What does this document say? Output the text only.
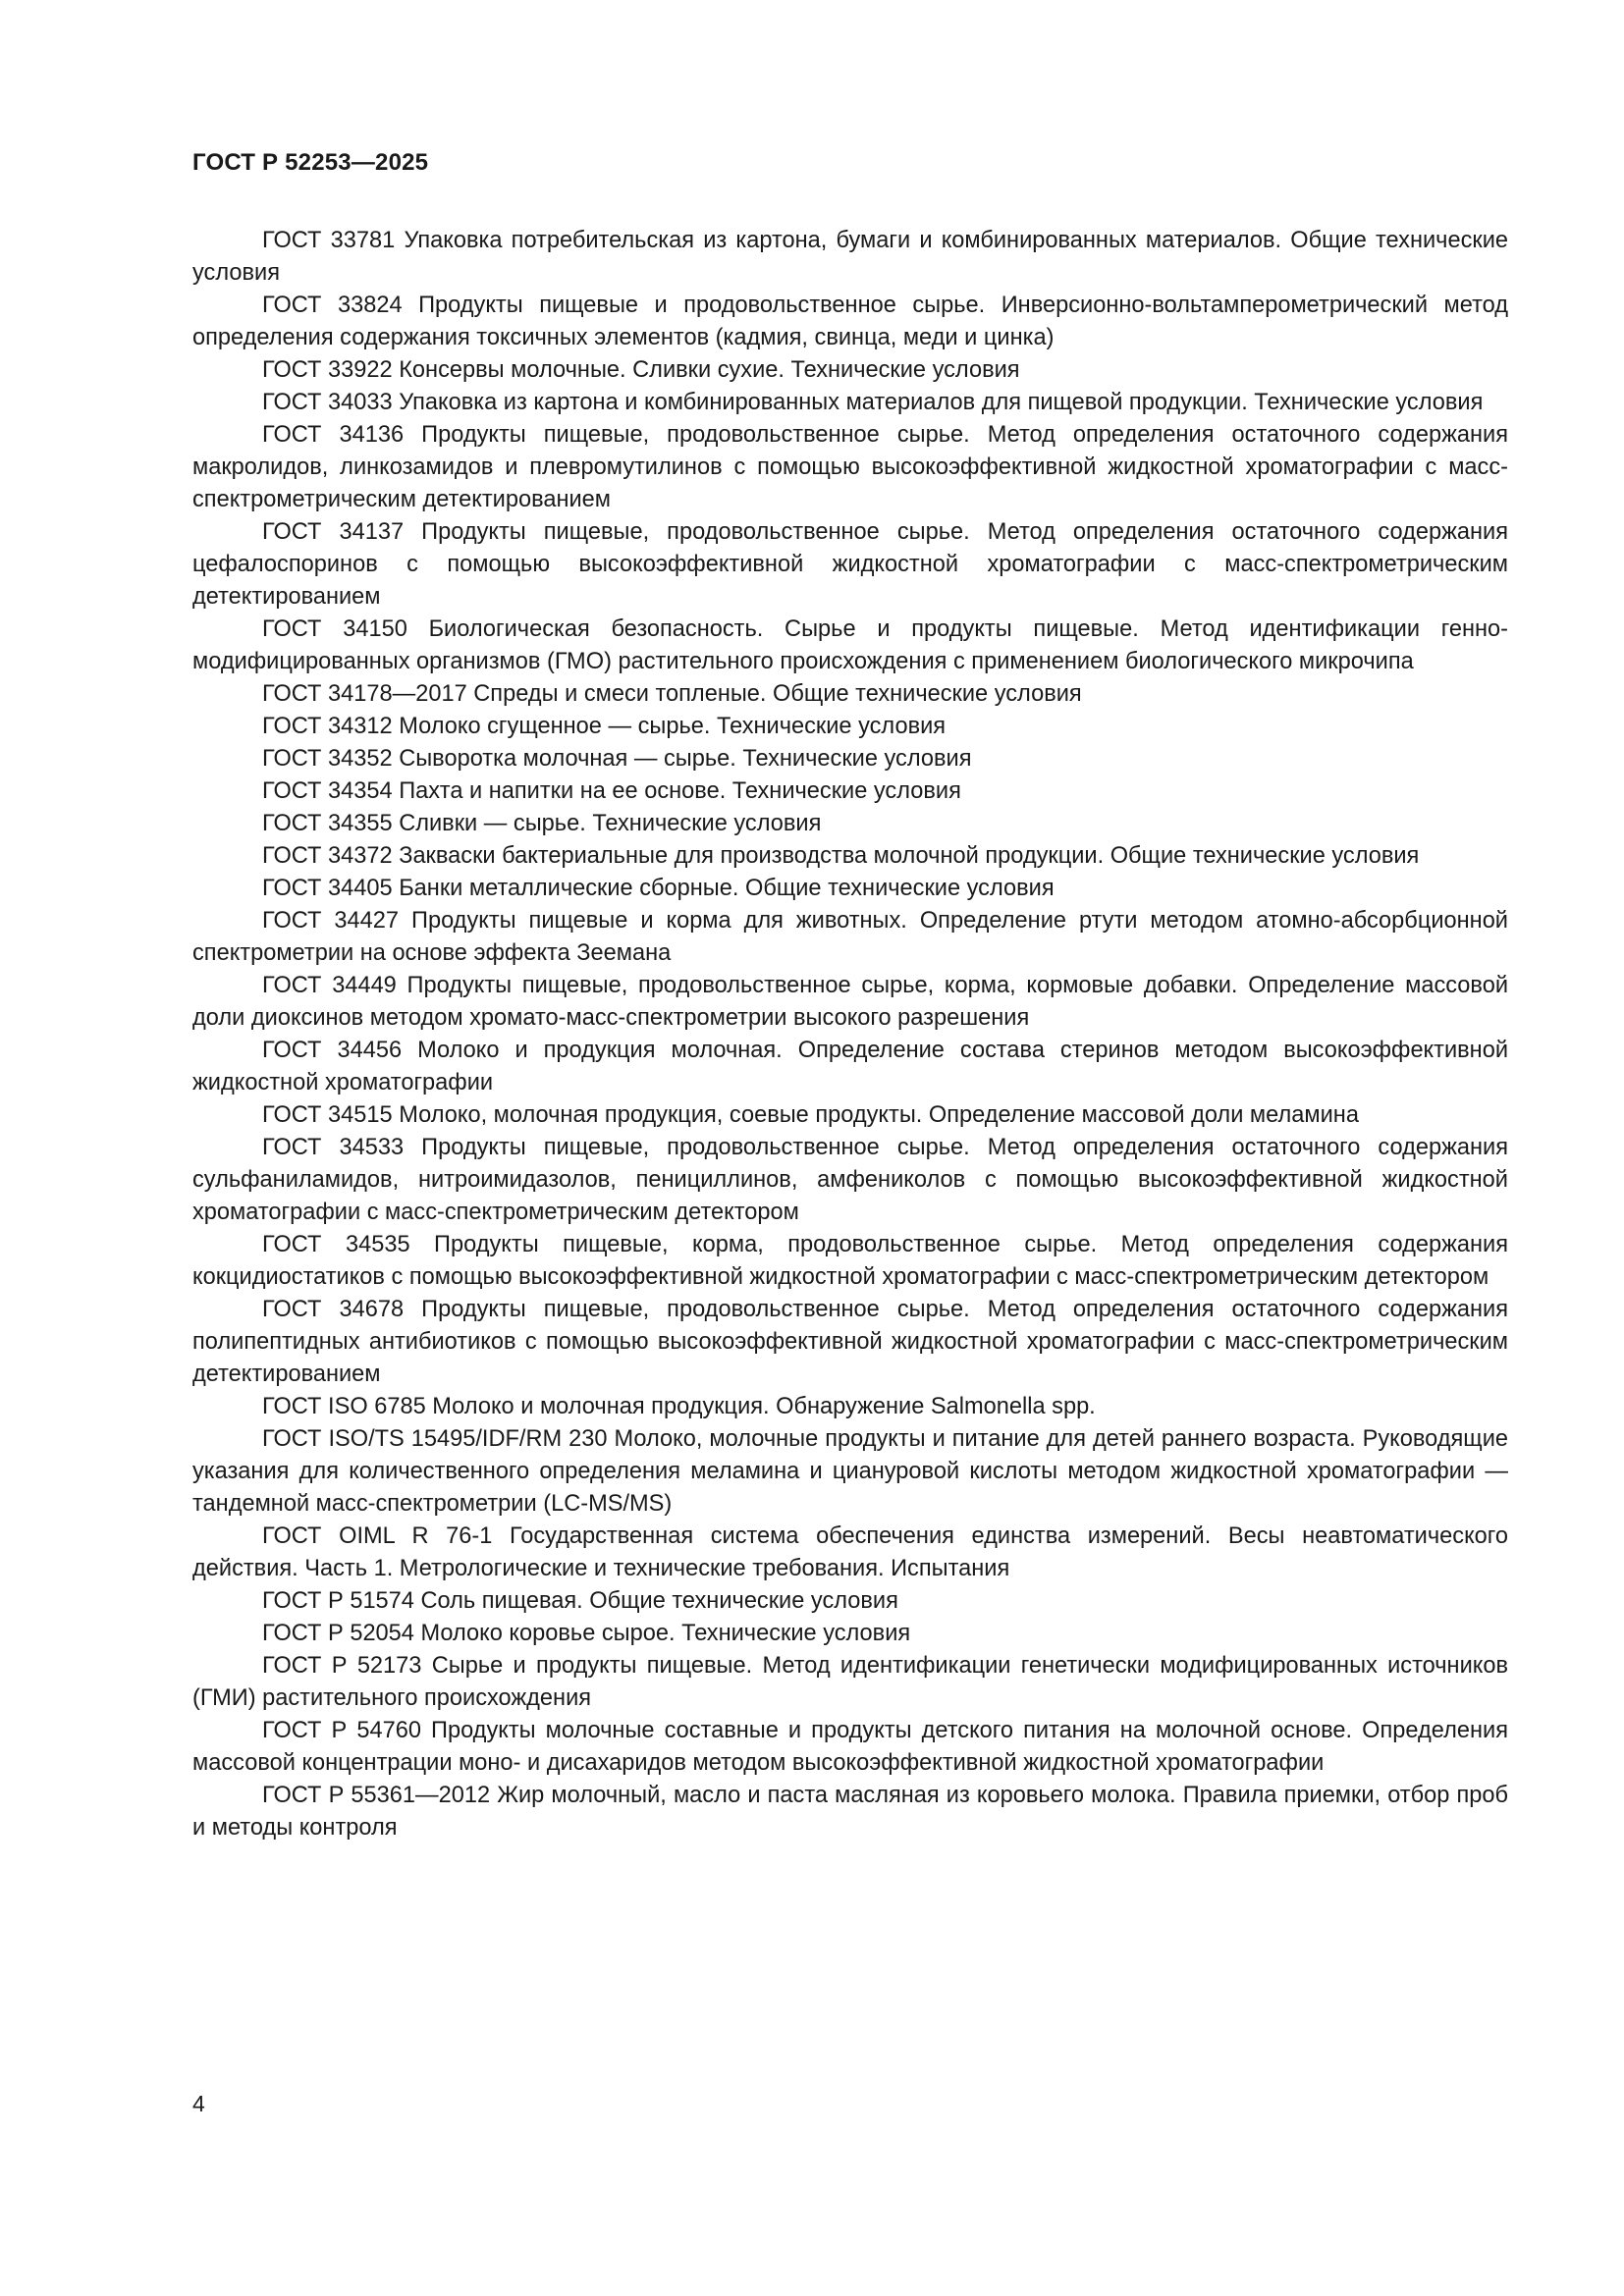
ГОСТ Р 52253—2025

ГОСТ 33781 Упаковка потребительская из картона, бумаги и комбинированных материалов. Общие технические условия

ГОСТ 33824 Продукты пищевые и продовольственное сырье. Инверсионно-вольтамперометрический метод определения содержания токсичных элементов (кадмия, свинца, меди и цинка)

ГОСТ 33922 Консервы молочные. Сливки сухие. Технические условия

ГОСТ 34033 Упаковка из картона и комбинированных материалов для пищевой продукции. Технические условия

ГОСТ 34136 Продукты пищевые, продовольственное сырье. Метод определения остаточного содержания макролидов, линкозамидов и плевромутилинов с помощью высокоэффективной жидкостной хроматографии с масс-спектрометрическим детектированием

ГОСТ 34137 Продукты пищевые, продовольственное сырье. Метод определения остаточного содержания цефалоспоринов с помощью высокоэффективной жидкостной хроматографии с масс-спектрометрическим детектированием

ГОСТ 34150 Биологическая безопасность. Сырье и продукты пищевые. Метод идентификации генно-модифицированных организмов (ГМО) растительного происхождения с применением биологического микрочипа

ГОСТ 34178—2017 Спреды и смеси топленые. Общие технические условия

ГОСТ 34312 Молоко сгущенное — сырье. Технические условия

ГОСТ 34352 Сыворотка молочная — сырье. Технические условия

ГОСТ 34354 Пахта и напитки на ее основе. Технические условия

ГОСТ 34355 Сливки — сырье. Технические условия

ГОСТ 34372 Закваски бактериальные для производства молочной продукции. Общие технические условия

ГОСТ 34405 Банки металлические сборные. Общие технические условия

ГОСТ 34427 Продукты пищевые и корма для животных. Определение ртути методом атомно-абсорбционной спектрометрии на основе эффекта Зеемана

ГОСТ 34449 Продукты пищевые, продовольственное сырье, корма, кормовые добавки. Определение массовой доли диоксинов методом хромато-масс-спектрометрии высокого разрешения

ГОСТ 34456 Молоко и продукция молочная. Определение состава стеринов методом высокоэффективной жидкостной хроматографии

ГОСТ 34515 Молоко, молочная продукция, соевые продукты. Определение массовой доли меламина

ГОСТ 34533 Продукты пищевые, продовольственное сырье. Метод определения остаточного содержания сульфаниламидов, нитроимидазолов, пенициллинов, амфениколов с помощью высокоэффективной жидкостной хроматографии с масс-спектрометрическим детектором

ГОСТ 34535 Продукты пищевые, корма, продовольственное сырье. Метод определения содержания кокцидиостатиков с помощью высокоэффективной жидкостной хроматографии с масс-спектрометрическим детектором

ГОСТ 34678 Продукты пищевые, продовольственное сырье. Метод определения остаточного содержания полипептидных антибиотиков с помощью высокоэффективной жидкостной хроматографии с масс-спектрометрическим детектированием

ГОСТ ISO 6785 Молоко и молочная продукция. Обнаружение Salmonella spp.

ГОСТ ISO/TS 15495/IDF/RM 230 Молоко, молочные продукты и питание для детей раннего возраста. Руководящие указания для количественного определения меламина и циануровой кислоты методом жидкостной хроматографии — тандемной масс-спектрометрии (LC-MS/MS)

ГОСТ OIML R 76-1 Государственная система обеспечения единства измерений. Весы неавтоматического действия. Часть 1. Метрологические и технические требования. Испытания

ГОСТ Р 51574 Соль пищевая. Общие технические условия

ГОСТ Р 52054 Молоко коровье сырое. Технические условия

ГОСТ Р 52173 Сырье и продукты пищевые. Метод идентификации генетически модифицированных источников (ГМИ) растительного происхождения

ГОСТ Р 54760 Продукты молочные составные и продукты детского питания на молочной основе. Определения массовой концентрации моно- и дисахаридов методом высокоэффективной жидкостной хроматографии

ГОСТ Р 55361—2012 Жир молочный, масло и паста масляная из коровьего молока. Правила приемки, отбор проб и методы контроля

4
